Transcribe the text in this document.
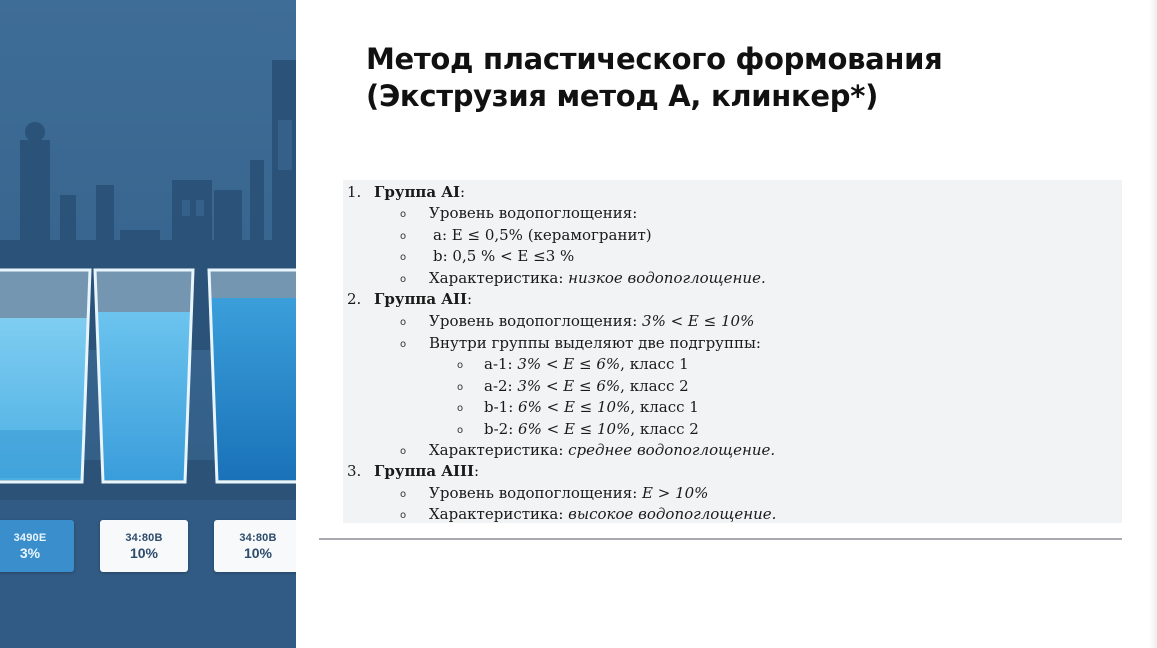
3490E
3%
34:80B
10%
34:80B
10%
Метод пластического формования
(Экструзия метод А, клинкер*)
1. Группа AI:
o Уровень водопоглощения:
o a: E ≤ 0,5% (керамогранит)
o b: 0,5 % < E ≤3 %
o Характеристика: низкое водопоглощение.
2. Группа AII:
o Уровень водопоглощения: 3% < E ≤ 10%
o Внутри группы выделяют две подгруппы:
o a-1: 3% < E ≤ 6%, класс 1
o a-2: 3% < E ≤ 6%, класс 2
o b-1: 6% < E ≤ 10%, класс 1
o b-2: 6% < E ≤ 10%, класс 2
o Характеристика: среднее водопоглощение.
3. Группа AIII:
o Уровень водопоглощения: E > 10%
o Характеристика: высокое водопоглощение.
